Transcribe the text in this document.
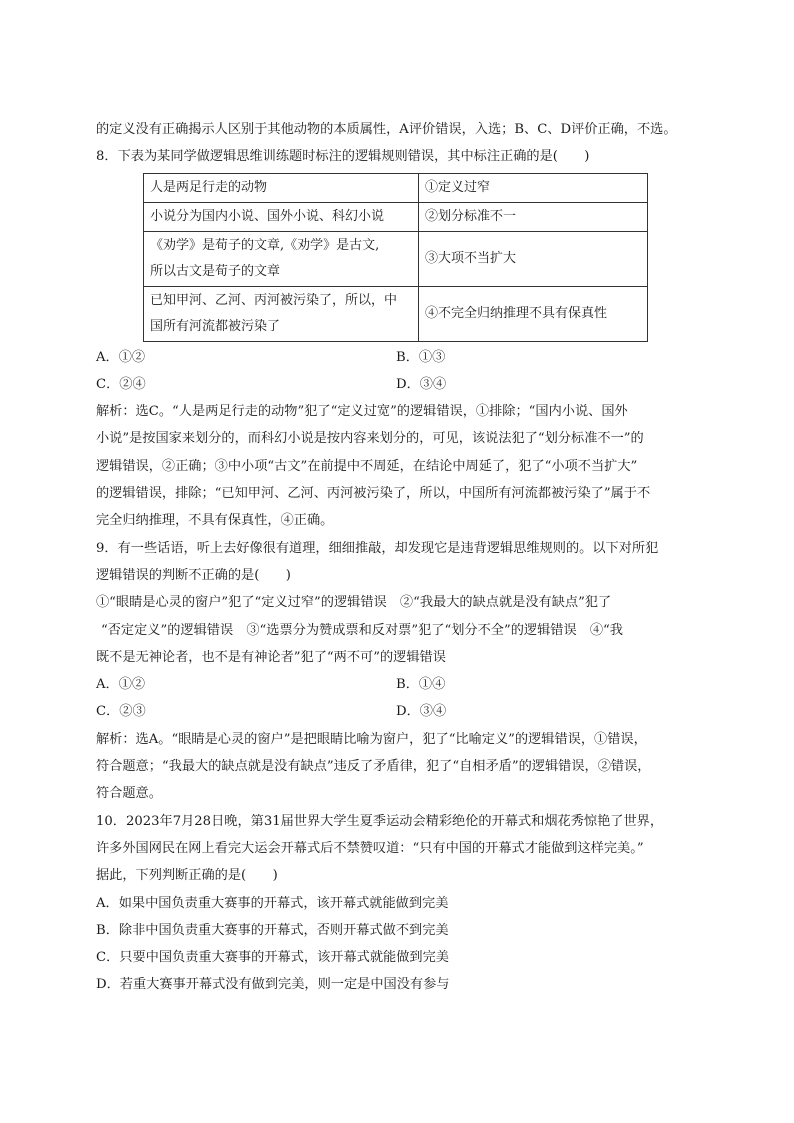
的定义没有正确揭示人区别于其他动物的本质属性，A评价错误，入选；B、C、D评价正确，不选。
8．下表为某同学做逻辑思维训练题时标注的逻辑规则错误，其中标注正确的是(　　)
人是两足行走的动物	①定义过窄
小说分为国内小说、国外小说、科幻小说	②划分标准不一
《劝学》是荀子的文章,《劝学》是古文,
所以古文是荀子的文章	③大项不当扩大
已知甲河、乙河、丙河被污染了，所以，中
国所有河流都被污染了	④不完全归纳推理不具有保真性
A．①②	B．①③
C．②④	D．③④
解析：选C。“人是两足行走的动物”犯了“定义过宽”的逻辑错误，①排除；“国内小说、国外
小说”是按国家来划分的，而科幻小说是按内容来划分的，可见，该说法犯了“划分标准不一”的
逻辑错误，②正确；③中小项“古文”在前提中不周延，在结论中周延了，犯了“小项不当扩大”
的逻辑错误，排除；“已知甲河、乙河、丙河被污染了，所以，中国所有河流都被污染了”属于不
完全归纳推理，不具有保真性，④正确。
9．有一些话语，听上去好像很有道理，细细推敲，却发现它是违背逻辑思维规则的。以下对所犯
逻辑错误的判断不正确的是(　　)
①“眼睛是心灵的窗户”犯了“定义过窄”的逻辑错误　②“我最大的缺点就是没有缺点”犯了
“否定定义”的逻辑错误　③“选票分为赞成票和反对票”犯了“划分不全”的逻辑错误　④“我
既不是无神论者，也不是有神论者”犯了“两不可”的逻辑错误
A．①②	B．①④
C．②③	D．③④
解析：选A。“眼睛是心灵的窗户”是把眼睛比喻为窗户，犯了“比喻定义”的逻辑错误，①错误，
符合题意；“我最大的缺点就是没有缺点”违反了矛盾律，犯了“自相矛盾”的逻辑错误，②错误，
符合题意。
10．2023年7月28日晚，第31届世界大学生夏季运动会精彩绝伦的开幕式和烟花秀惊艳了世界，
许多外国网民在网上看完大运会开幕式后不禁赞叹道：“只有中国的开幕式才能做到这样完美。”
据此，下列判断正确的是(　　)
A．如果中国负责重大赛事的开幕式，该开幕式就能做到完美
B．除非中国负责重大赛事的开幕式，否则开幕式做不到完美
C．只要中国负责重大赛事的开幕式，该开幕式就能做到完美
D．若重大赛事开幕式没有做到完美，则一定是中国没有参与
